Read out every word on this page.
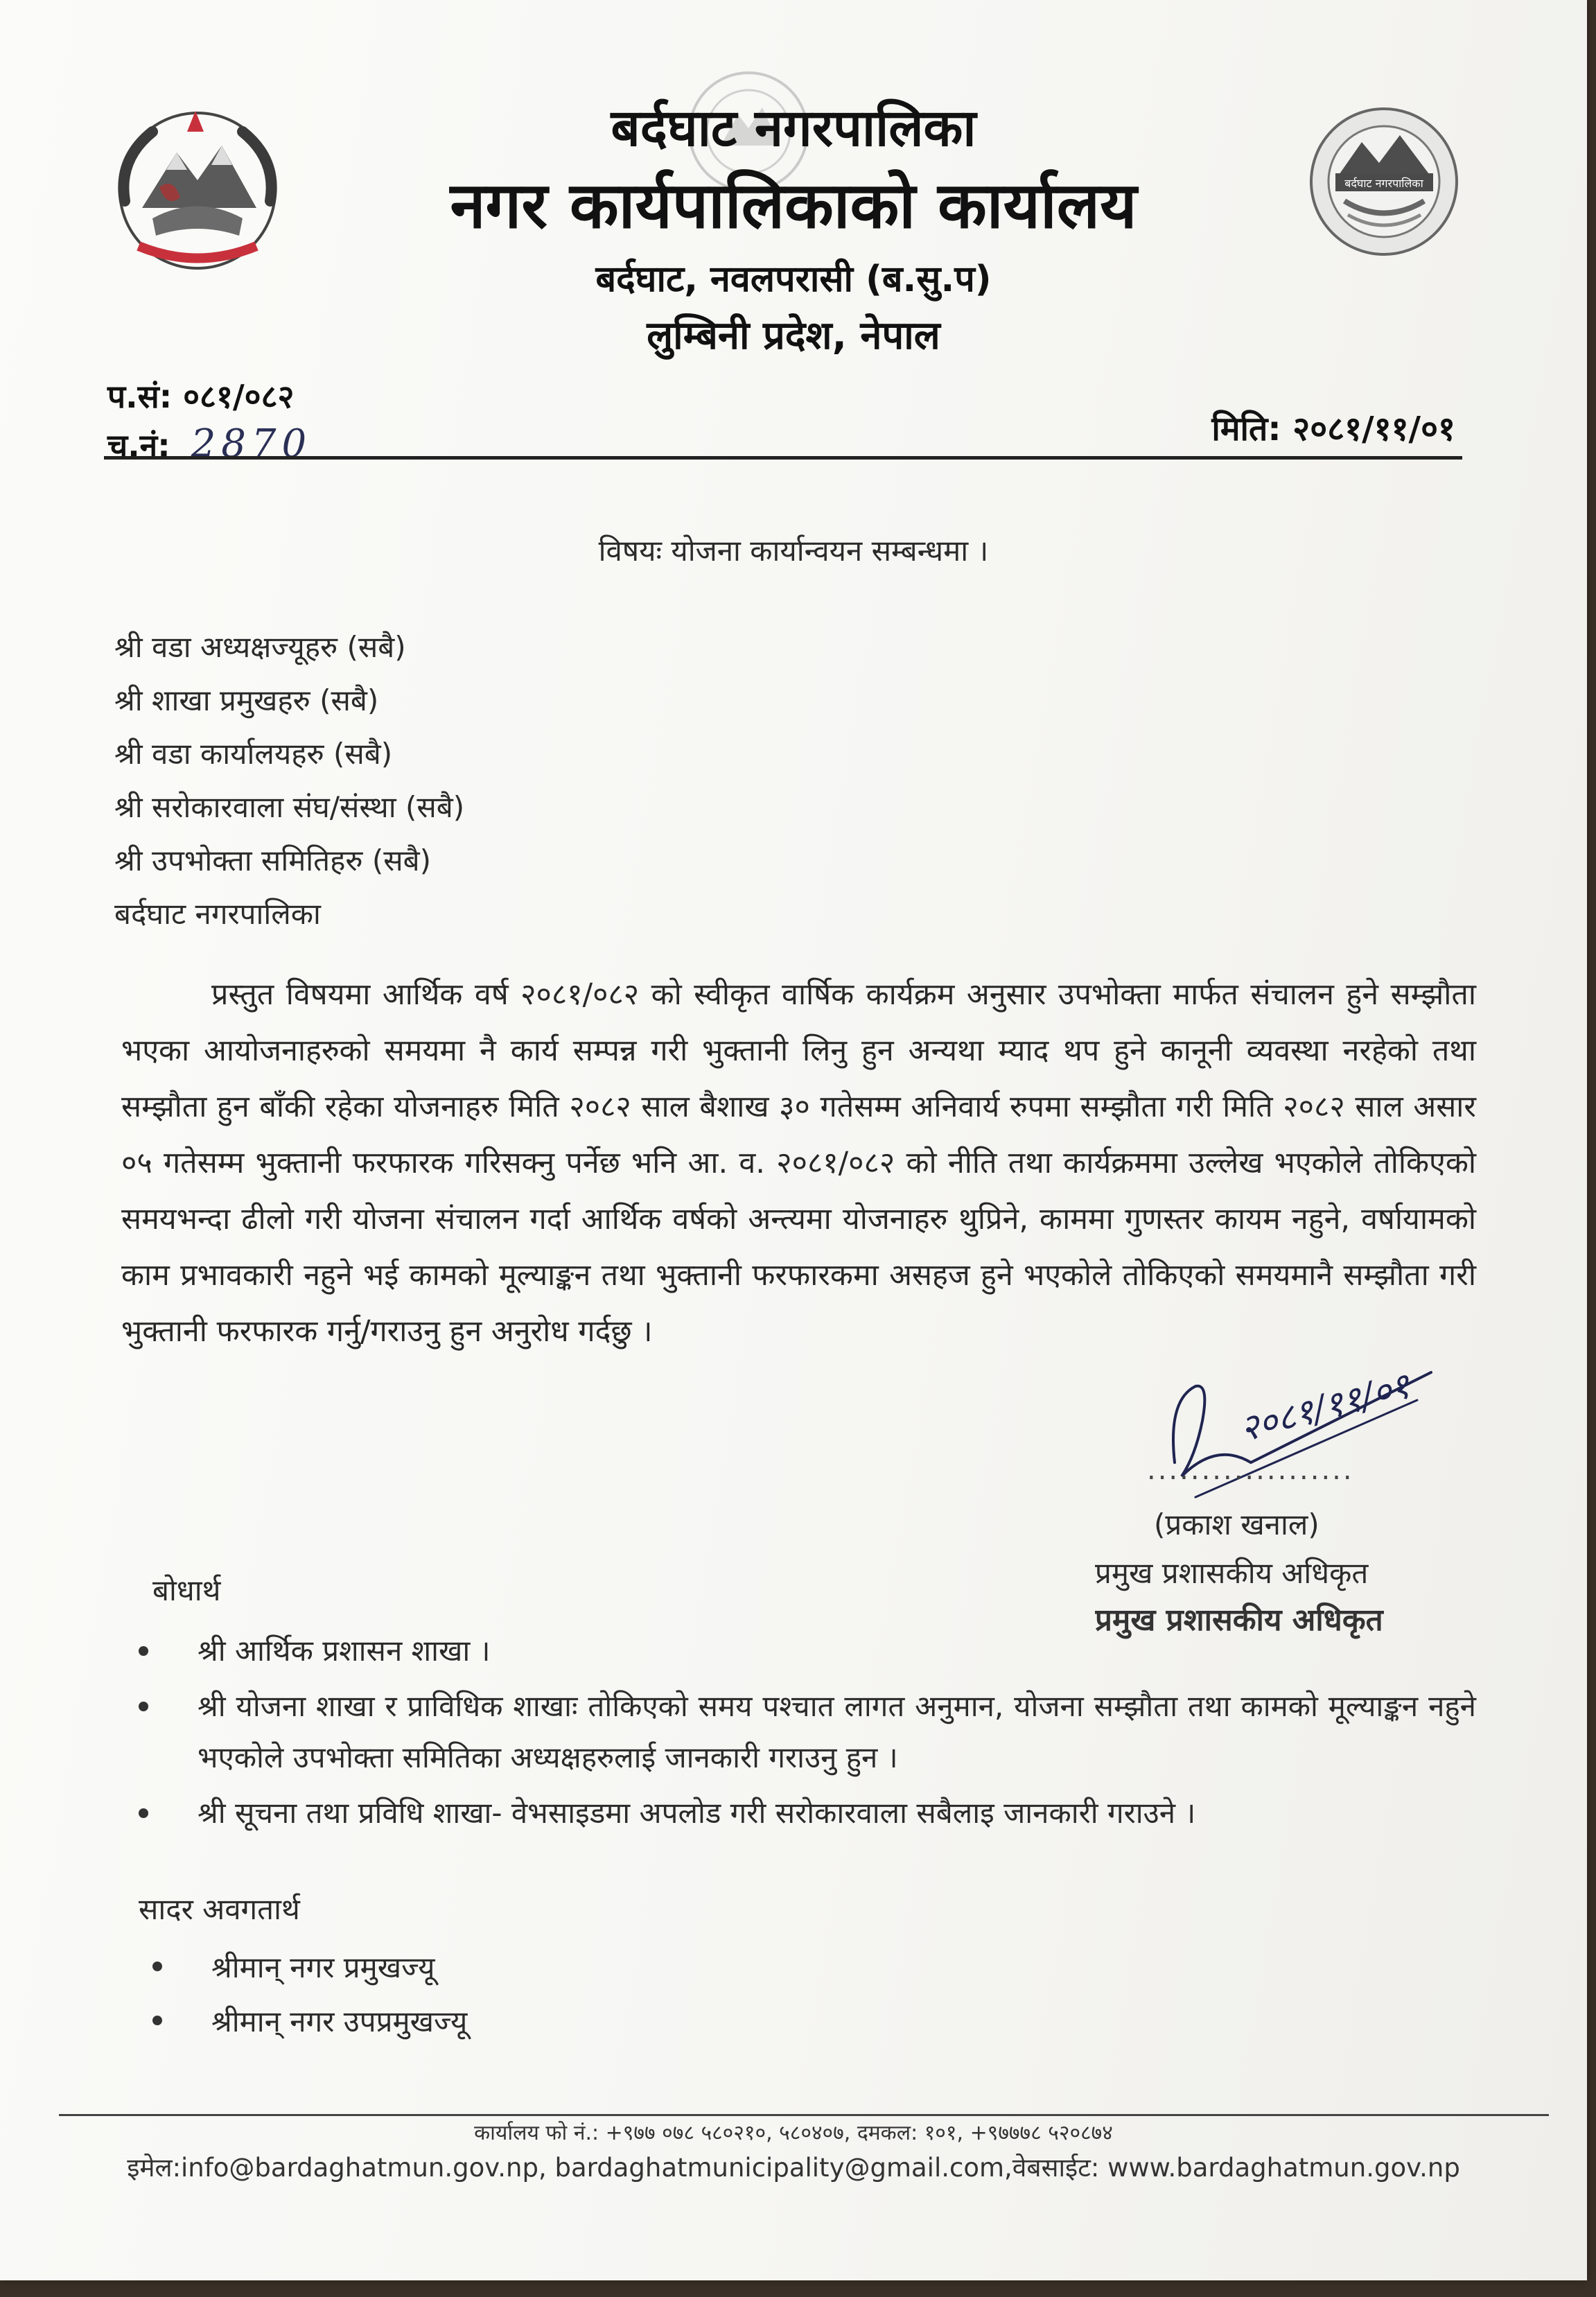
बर्दघाट नगरपालिका
बर्दघाट नगरपालिका
नगर कार्यपालिकाको कार्यालय
बर्दघाट, नवलपरासी (ब.सु.प)
लुम्बिनी प्रदेश, नेपाल
प.सं: ०८१/०८२
च.नं: 2870	मिति: २०८१/११/०१
विषयः योजना कार्यान्वयन सम्बन्धमा ।
श्री वडा अध्यक्षज्यूहरु (सबै)
श्री शाखा प्रमुखहरु (सबै)
श्री वडा कार्यालयहरु (सबै)
श्री सरोकारवाला संघ/संस्था (सबै)
श्री उपभोक्ता समितिहरु (सबै)
बर्दघाट नगरपालिका
प्रस्तुत विषयमा आर्थिक वर्ष २०८१/०८२ को स्वीकृत वार्षिक कार्यक्रम अनुसार उपभोक्ता मार्फत संचालन हुने सम्झौता भएका आयोजनाहरुको समयमा नै कार्य सम्पन्न गरी भुक्तानी लिनु हुन अन्यथा म्याद थप हुने कानूनी व्यवस्था नरहेको तथा सम्झौता हुन बाँकी रहेका योजनाहरु मिति २०८२ साल बैशाख ३० गतेसम्म अनिवार्य रुपमा सम्झौता गरी मिति २०८२ साल असार ०५ गतेसम्म भुक्तानी फरफारक गरिसक्नु पर्नेछ भनि आ. व. २०८१/०८२ को नीति तथा कार्यक्रममा उल्लेख भएकोले तोकिएको समयभन्दा ढीलो गरी योजना संचालन गर्दा आर्थिक वर्षको अन्त्यमा योजनाहरु थुप्रिने, काममा गुणस्तर कायम नहुने, वर्षायामको काम प्रभावकारी नहुने भई कामको मूल्याङ्कन तथा भुक्तानी फरफारकमा असहज हुने भएकोले तोकिएको समयमानै सम्झौता गरी भुक्तानी फरफारक गर्नु/गराउनु हुन अनुरोध गर्दछु ।
२०८१/११/०१
...................
(प्रकाश खनाल)
प्रमुख प्रशासकीय अधिकृत
प्रमुख प्रशासकीय अधिकृत
बोधार्थ
श्री आर्थिक प्रशासन शाखा ।
श्री योजना शाखा र प्राविधिक शाखाः तोकिएको समय पश्चात लागत अनुमान, योजना सम्झौता तथा कामको मूल्याङ्कन नहुने भएकोले उपभोक्ता समितिका अध्यक्षहरुलाई जानकारी गराउनु हुन ।
श्री सूचना तथा प्रविधि शाखा- वेभसाइडमा अपलोड गरी सरोकारवाला सबैलाइ जानकारी गराउने ।
सादर अवगतार्थ
श्रीमान् नगर प्रमुखज्यू
श्रीमान् नगर उपप्रमुखज्यू
कार्यालय फो नं.: +९७७ ०७८ ५८०२१०, ५८०४०७, दमकल: १०१, +९७७७८ ५२०८७४
इमेल:info@bardaghatmun.gov.np, bardaghatmunicipality@gmail.com,वेबसाईट: www.bardaghatmun.gov.np
